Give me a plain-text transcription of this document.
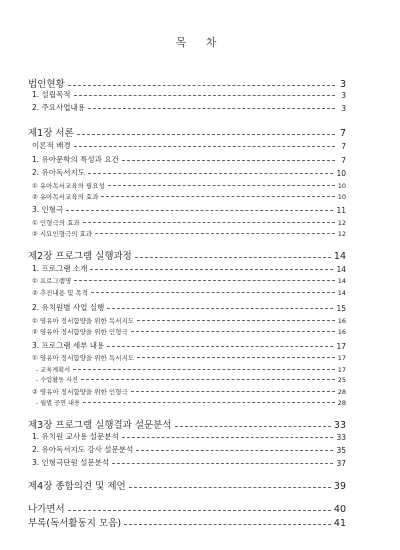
목 차
법인현황	3
1. 설립목적	3
2. 주요사업내용	3
제1장 서론	7
이론적 배경	7
1. 유아문학의 특성과 요건	7
2. 유아독서지도	10
① 유아독서교육의 필요성	10
② 유아독서교육의 효과	10
3. 인형극	11
① 인형극의 효과	12
② 시묘인형극의 효과	12
제2장 프로그램 실행과정	14
1. 프로그램 소개	14
① 프로그램명	14
② 추진내용 및 목적	14
2. 유치원별 사업 실행	15
① 영유아 정서함양을 위한 독서지도	16
② 영유아 정서함양을 위한 인형극	16
3. 프로그램 세부 내용	17
① 영유아 정서함양을 위한 독서지도	17
- 교육계획서	17
- 수업활동 사진	25
② 영유아 정서함양을 위한 인형극	28
- 월별 공연 내용	28
제3장 프로그램 실행결과 설문분석	33
1. 유치원 교사용 설문분석	33
2. 유아독서지도 강사 설문분석	35
3. 인형극단원 설문분석	37
제4장 종합의견 및 제언	39
나가면서	40
부록(독서활동지 모음)	41
